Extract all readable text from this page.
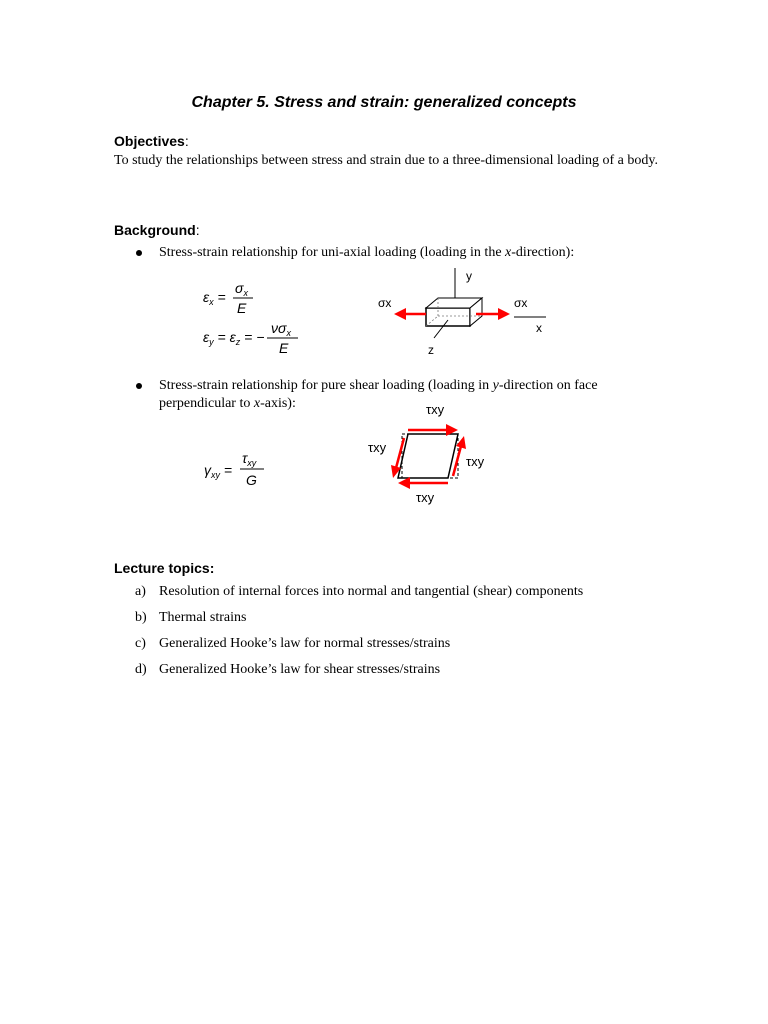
Chapter 5. Stress and strain: generalized concepts
Objectives:
To study the relationships between stress and strain due to a three-dimensional loading of a body.
Background:
Stress-strain relationship for uni-axial loading (loading in the x-direction):
$\varepsilon_x$ =
$\sigma_x$
E
$\varepsilon_y = \varepsilon_z$ = −
$\nu\sigma_x$
E
y
z
x
σx	σx
Stress-strain relationship for pure shear loading (loading in y-direction on face perpendicular to x-axis):
$\gamma_{xy}$ =
$\tau_{xy}$
G
τxy
τxy
τxy
τxy
Lecture topics:
a) Resolution of internal forces into normal and tangential (shear) components
b) Thermal strains
c) Generalized Hooke’s law for normal stresses/strains
d) Generalized Hooke’s law for shear stresses/strains
